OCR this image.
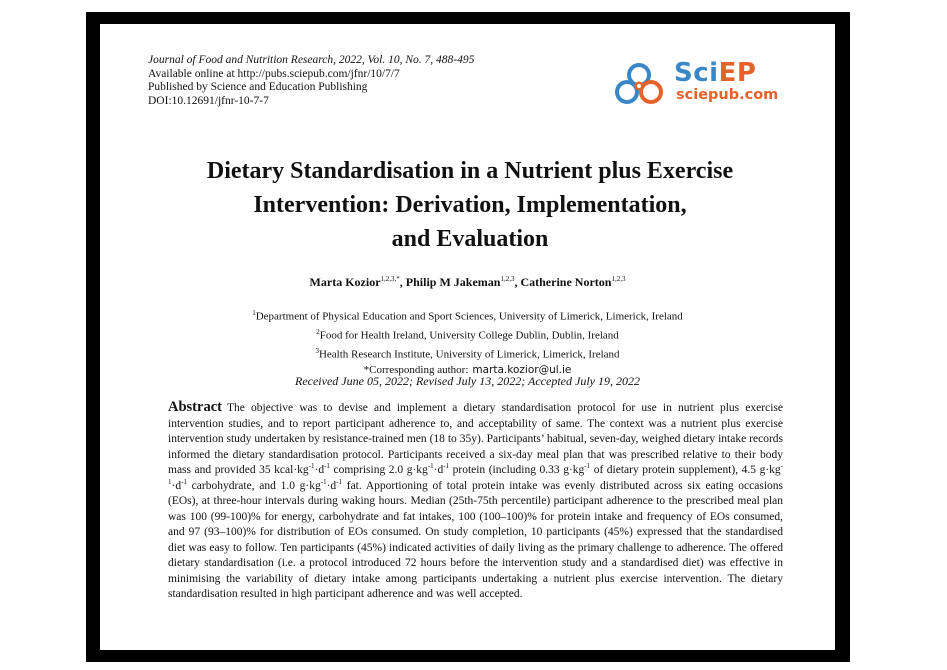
Journal of Food and Nutrition Research, 2022, Vol. 10, No. 7, 488-495
Available online at http://pubs.sciepub.com/jfnr/10/7/7
Published by Science and Education Publishing
DOI:10.12691/jfnr-10-7-7
SciEP
sciepub.com
Dietary Standardisation in a Nutrient plus Exercise
Intervention: Derivation, Implementation,
and Evaluation
Marta Kozior$^{1,2,3,*}$, Philip M Jakeman$^{1,2,3}$, Catherine Norton$^{1,2,3}$
$^1$Department of Physical Education and Sport Sciences, University of Limerick, Limerick, Ireland
$^2$Food for Health Ireland, University College Dublin, Dublin, Ireland
$^3$Health Research Institute, University of Limerick, Limerick, Ireland
*Corresponding author: marta.kozior@ul.ie
Received June 05, 2022; Revised July 13, 2022; Accepted July 19, 2022
Abstract The objective was to devise and implement a dietary standardisation protocol for use in nutrient plus exercise intervention studies, and to report participant adherence to, and acceptability of same. The context was a nutrient plus exercise intervention study undertaken by resistance-trained men (18 to 35y). Participants’ habitual, seven-day, weighed dietary intake records informed the dietary standardisation protocol. Participants received a six-day meal plan that was prescribed relative to their body mass and provided 35 $kcal\cdot kg^{-1}\cdot d^{-1}$ comprising 2.0 $g\cdot kg^{-1}\cdot d^{-1}$ protein (including 0.33 $g\cdot kg^{-1}$ of dietary protein supplement), 4.5 $g\cdot kg^{-1}\cdot d^{-1}$ carbohydrate, and 1.0 $g\cdot kg^{-1}\cdot d^{-1}$ fat. Apportioning of total protein intake was evenly distributed across six eating occasions (EOs), at three-hour intervals during waking hours. Median (25th-75th percentile) participant adherence to the prescribed meal plan was 100 (99-100)% for energy, carbohydrate and fat intakes, 100 (100–100)% for protein intake and frequency of EOs consumed, and 97 (93–100)% for distribution of EOs consumed. On study completion, 10 participants (45%) expressed that the standardised diet was easy to follow. Ten participants (45%) indicated activities of daily living as the primary challenge to adherence. The offered dietary standardisation (i.e. a protocol introduced 72 hours before the intervention study and a standardised diet) was effective in minimising the variability of dietary intake among participants undertaking a nutrient plus exercise intervention. The dietary standardisation resulted in high participant adherence and was well accepted.
